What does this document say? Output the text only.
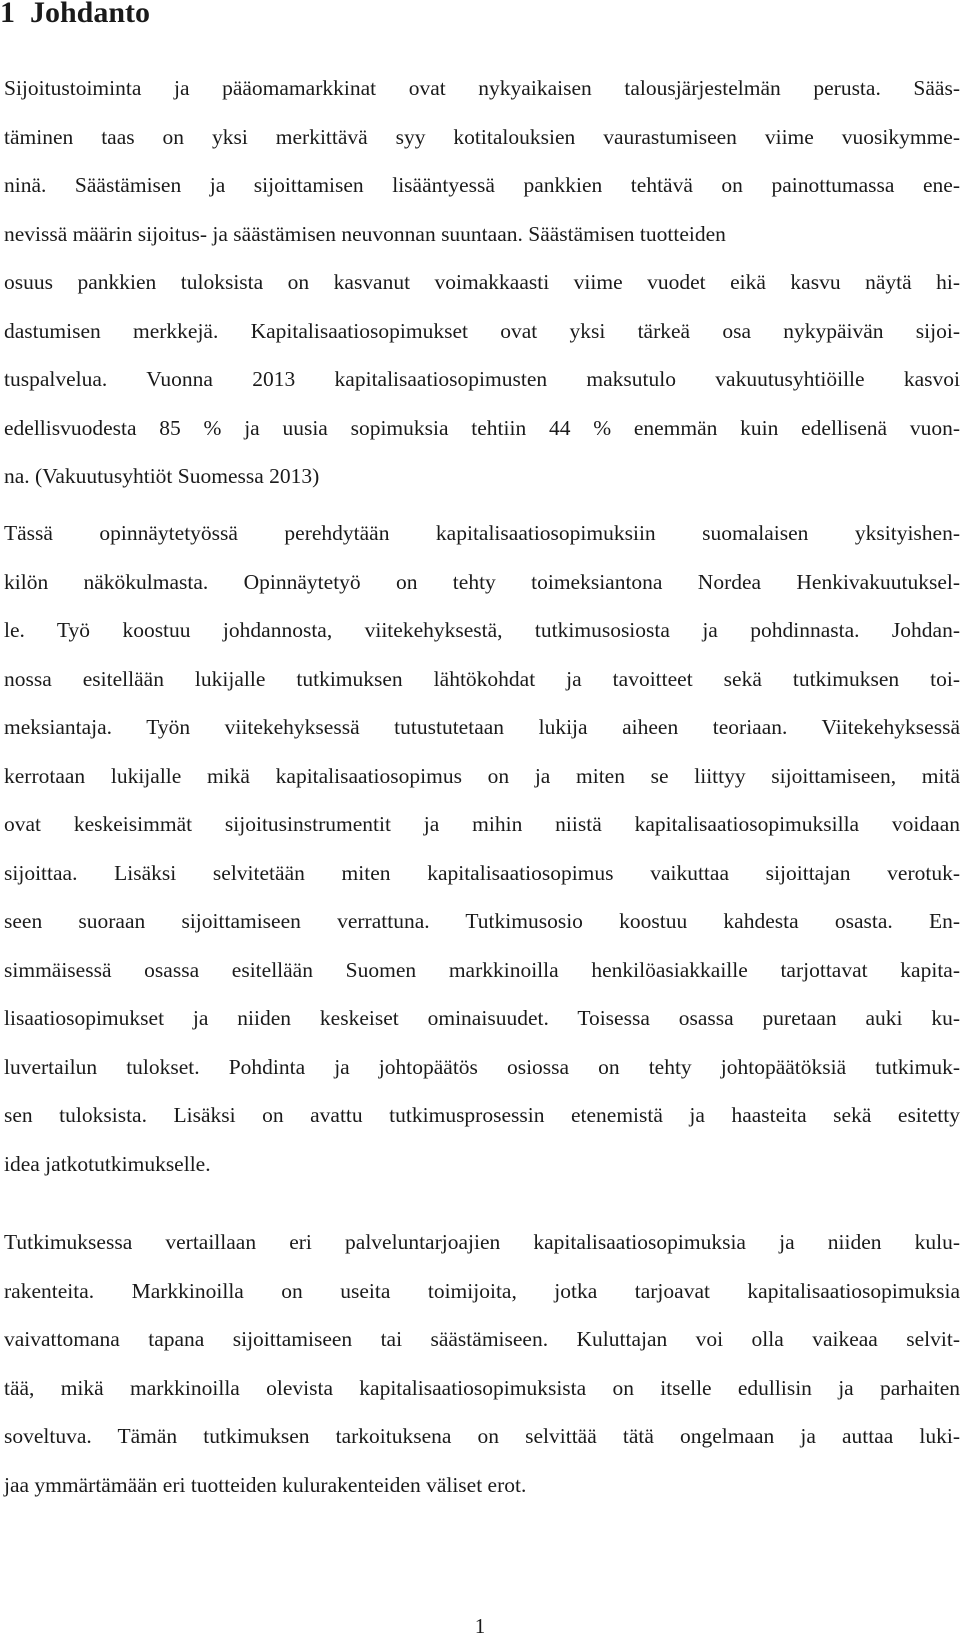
1 Johdanto
Sijoitustoiminta ja pääomamarkkinat ovat nykyaikaisen talousjärjestelmän perusta. Sääs-
täminen taas on yksi merkittävä syy kotitalouksien vaurastumiseen viime vuosikymme-
ninä. Säästämisen ja sijoittamisen lisääntyessä pankkien tehtävä on painottumassa ene-
nevissä määrin sijoitus- ja säästämisen neuvonnan suuntaan. Säästämisen tuotteiden
osuus pankkien tuloksista on kasvanut voimakkaasti viime vuodet eikä kasvu näytä hi-
dastumisen merkkejä. Kapitalisaatiosopimukset ovat yksi tärkeä osa nykypäivän sijoi-
tuspalvelua. Vuonna 2013 kapitalisaatiosopimusten maksutulo vakuutusyhtiöille kasvoi
edellisvuodesta 85 % ja uusia sopimuksia tehtiin 44 % enemmän kuin edellisenä vuon-
na. (Vakuutusyhtiöt Suomessa 2013)
Tässä opinnäytetyössä perehdytään kapitalisaatiosopimuksiin suomalaisen yksityishen-
kilön näkökulmasta. Opinnäytetyö on tehty toimeksiantona Nordea Henkivakuutuksel-
le. Työ koostuu johdannosta, viitekehyksestä, tutkimusosiosta ja pohdinnasta. Johdan-
nossa esitellään lukijalle tutkimuksen lähtökohdat ja tavoitteet sekä tutkimuksen toi-
meksiantaja. Työn viitekehyksessä tutustutetaan lukija aiheen teoriaan. Viitekehyksessä
kerrotaan lukijalle mikä kapitalisaatiosopimus on ja miten se liittyy sijoittamiseen, mitä
ovat keskeisimmät sijoitusinstrumentit ja mihin niistä kapitalisaatiosopimuksilla voidaan
sijoittaa. Lisäksi selvitetään miten kapitalisaatiosopimus vaikuttaa sijoittajan verotuk-
seen suoraan sijoittamiseen verrattuna. Tutkimusosio koostuu kahdesta osasta. En-
simmäisessä osassa esitellään Suomen markkinoilla henkilöasiakkaille tarjottavat kapita-
lisaatiosopimukset ja niiden keskeiset ominaisuudet. Toisessa osassa puretaan auki ku-
luvertailun tulokset. Pohdinta ja johtopäätös osiossa on tehty johtopäätöksiä tutkimuk-
sen tuloksista. Lisäksi on avattu tutkimusprosessin etenemistä ja haasteita sekä esitetty
idea jatkotutkimukselle.
Tutkimuksessa vertaillaan eri palveluntarjoajien kapitalisaatiosopimuksia ja niiden kulu-
rakenteita. Markkinoilla on useita toimijoita, jotka tarjoavat kapitalisaatiosopimuksia
vaivattomana tapana sijoittamiseen tai säästämiseen. Kuluttajan voi olla vaikeaa selvit-
tää, mikä markkinoilla olevista kapitalisaatiosopimuksista on itselle edullisin ja parhaiten
soveltuva. Tämän tutkimuksen tarkoituksena on selvittää tätä ongelmaan ja auttaa luki-
jaa ymmärtämään eri tuotteiden kulurakenteiden väliset erot.
1
